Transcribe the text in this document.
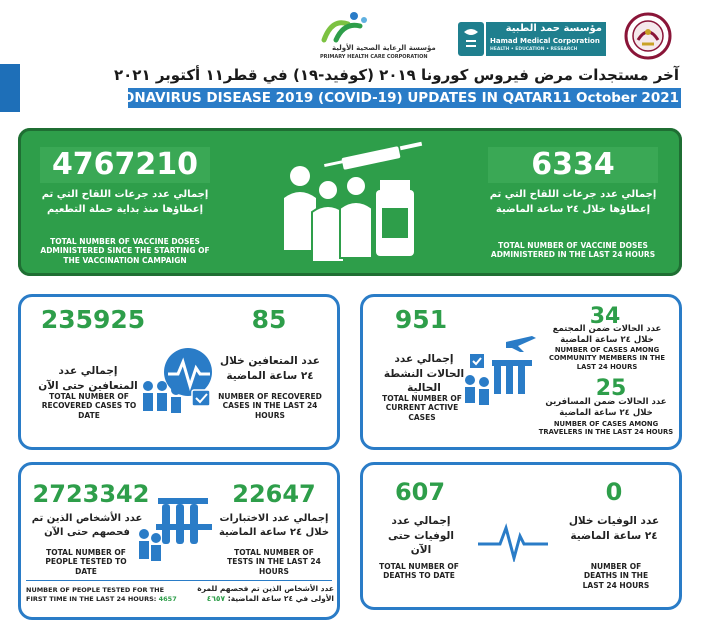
مؤسسة الرعاية الصحية الأولية
PRIMARY HEALTH CARE CORPORATION
مؤسسة حمد الطبية
Hamad Medical Corporation
HEALTH • EDUCATION • RESEARCH
آخر مستجدات مرض فيروس كورونا ٢٠١٩ (كوفيد-١٩) في قطر١١ أكتوبر ٢٠٢١
CORONAVIRUS DISEASE 2019 (COVID-19) UPDATES IN QATAR11 October 2021
4767210
إجمالي عدد جرعات اللقاح التي تم إعطاؤها منذ بداية حملة التطعيم
TOTAL NUMBER OF VACCINE DOSES ADMINISTERED SINCE THE STARTING OF THE VACCINATION CAMPAIGN
6334
إجمالي عدد جرعات اللقاح التي تم إعطاؤها خلال ٢٤ ساعة الماضية
TOTAL NUMBER OF VACCINE DOSES ADMINISTERED IN THE LAST 24 HOURS
235925
إجمالي عدد المتعافين حتى الآن
TOTAL NUMBER OF RECOVERED CASES TO DATE
85
عدد المتعافين خلال ٢٤ ساعة الماضية
NUMBER OF RECOVERED CASES IN THE LAST 24 HOURS
951
إجمالي عدد الحالات النشطة الحالية
TOTAL NUMBER OF CURRENT ACTIVE CASES
34
عدد الحالات ضمن المجتمع خلال ٢٤ ساعة الماضية
NUMBER OF CASES AMONG COMMUNITY MEMBERS IN THE LAST 24 HOURS
25
عدد الحالات ضمن المسافرين خلال ٢٤ ساعة الماضية
NUMBER OF CASES AMONG TRAVELERS IN THE LAST 24 HOURS
2723342
عدد الأشخاص الذين تم فحصهم حتى الآن
TOTAL NUMBER OF PEOPLE TESTED TO DATE
22647
إجمالي عدد الاختبارات خلال ٢٤ ساعة الماضية
TOTAL NUMBER OF TESTS IN THE LAST 24 HOURS
NUMBER OF PEOPLE TESTED FOR THE FIRST TIME IN THE LAST 24 HOURS: 4657
عدد الأشخاص الذين تم فحصهم للمرة الأولى في ٢٤ ساعة الماضية: ٤٦٥٧
607
إجمالي عدد الوفيات حتى الآن
TOTAL NUMBER OF DEATHS TO DATE
0
عدد الوفيات خلال ٢٤ ساعة الماضية
NUMBER OF DEATHS IN THE LAST 24 HOURS
